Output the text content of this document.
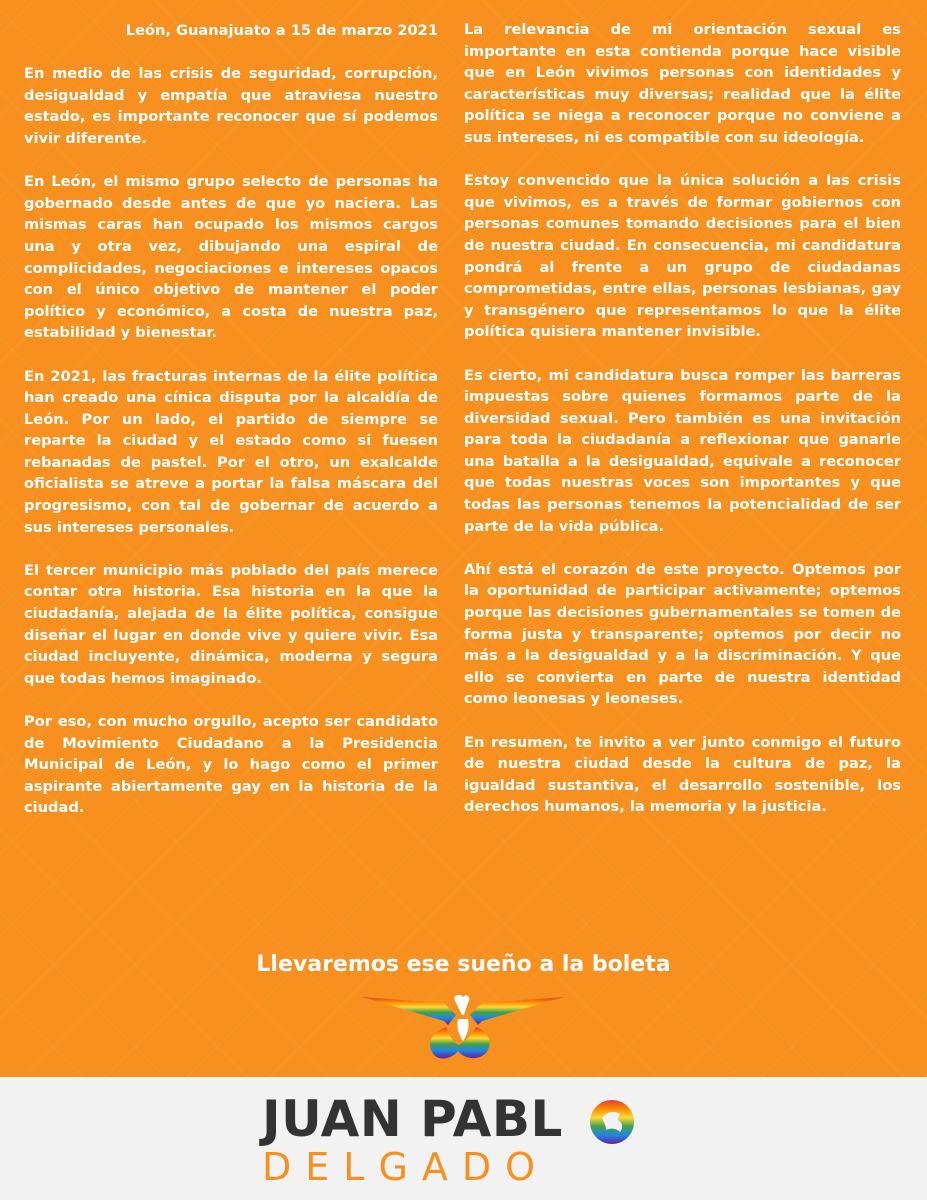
León, Guanajuato a 15 de marzo 2021

En medio de las crisis de seguridad, corrupción, desigualdad y empatía que atraviesa nuestro estado, es importante reconocer que sí podemos vivir diferente.

En León, el mismo grupo selecto de personas ha gobernado desde antes de que yo naciera. Las mismas caras han ocupado los mismos cargos una y otra vez, dibujando una espiral de complicidades, negociaciones e intereses opacos con el único objetivo de mantener el poder político y económico, a costa de nuestra paz, estabilidad y bienestar.

En 2021, las fracturas internas de la élite política han creado una cínica disputa por la alcaldía de León. Por un lado, el partido de siempre se reparte la ciudad y el estado como si fuesen rebanadas de pastel. Por el otro, un exalcalde oficialista se atreve a portar la falsa máscara del progresismo, con tal de gobernar de acuerdo a sus intereses personales.

El tercer municipio más poblado del país merece contar otra historia. Esa historia en la que la ciudadanía, alejada de la élite política, consigue diseñar el lugar en donde vive y quiere vivir. Esa ciudad incluyente, dinámica, moderna y segura que todas hemos imaginado.

Por eso, con mucho orgullo, acepto ser candidato de Movimiento Ciudadano a la Presidencia Municipal de León, y lo hago como el primer aspirante abiertamente gay en la historia de la ciudad.

La relevancia de mi orientación sexual es importante en esta contienda porque hace visible que en León vivimos personas con identidades y características muy diversas; realidad que la élite política se niega a reconocer porque no conviene a sus intereses, ni es compatible con su ideología.

Estoy convencido que la única solución a las crisis que vivimos, es a través de formar gobiernos con personas comunes tomando decisiones para el bien de nuestra ciudad. En consecuencia, mi candidatura pondrá al frente a un grupo de ciudadanas comprometidas, entre ellas, personas lesbianas, gay y transgénero que representamos lo que la élite política quisiera mantener invisible.

Es cierto, mi candidatura busca romper las barreras impuestas sobre quienes formamos parte de la diversidad sexual. Pero también es una invitación para toda la ciudadanía a reflexionar que ganarle una batalla a la desigualdad, equivale a reconocer que todas nuestras voces son importantes y que todas las personas tenemos la potencialidad de ser parte de la vida pública.

Ahí está el corazón de este proyecto. Optemos por la oportunidad de participar activamente; optemos porque las decisiones gubernamentales se tomen de forma justa y transparente; optemos por decir no más a la desigualdad y a la discriminación. Y que ello se convierta en parte de nuestra identidad como leonesas y leoneses.

En resumen, te invito a ver junto conmigo el futuro de nuestra ciudad desde la cultura de paz, la igualdad sustantiva, el desarrollo sostenible, los derechos humanos, la memoria y la justicia.

Llevaremos ese sueño a la boleta
JUAN PABL
DELGADO
